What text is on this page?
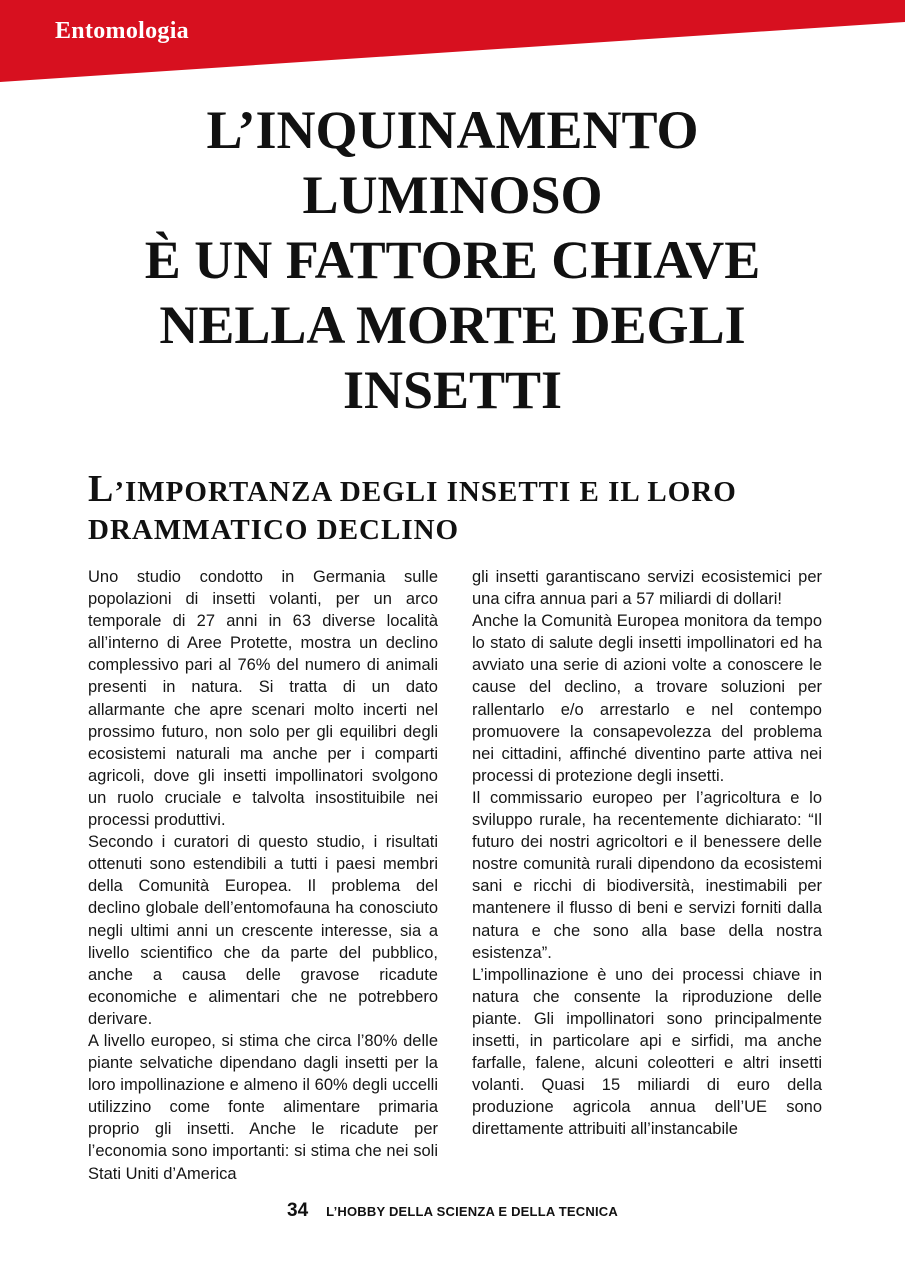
Entomologia
L’INQUINAMENTO
LUMINOSO
È UN FATTORE CHIAVE
NELLA MORTE DEGLI
INSETTI
L’IMPORTANZA DEGLI INSETTI E IL LORO
DRAMMATICO DECLINO

Uno studio condotto in Germania sulle popolazioni di insetti volanti, per un arco temporale di 27 anni in 63 diverse località all’interno di Aree Protette, mostra un declino complessivo pari al 76% del numero di animali presenti in natura. Si tratta di un dato allarmante che apre scenari molto incerti nel prossimo futuro, non solo per gli equilibri degli ecosistemi naturali ma anche per i comparti agricoli, dove gli insetti impollinatori svolgono un ruolo cruciale e talvolta insostituibile nei processi produttivi.

Secondo i curatori di questo studio, i risultati ottenuti sono estendibili a tutti i paesi membri della Comunità Europea. Il problema del declino globale dell’entomofauna ha conosciuto negli ultimi anni un crescente interesse, sia a livello scientifico che da parte del pubblico, anche a causa delle gravose ricadute economiche e alimentari che ne potrebbero derivare.

A livello europeo, si stima che circa l’80% delle piante selvatiche dipendano dagli insetti per la loro impollinazione e almeno il 60% degli uccelli utilizzino come fonte alimentare primaria proprio gli insetti. Anche le ricadute per l’economia sono importanti: si stima che nei soli Stati Uniti d’America

gli insetti garantiscano servizi ecosistemici per una cifra annua pari a 57 miliardi di dollari!

Anche la Comunità Europea monitora da tempo lo stato di salute degli insetti impollinatori ed ha avviato una serie di azioni volte a conoscere le cause del declino, a trovare soluzioni per rallentarlo e/o arrestarlo e nel contempo promuovere la consapevolezza del problema nei cittadini, affinché diventino parte attiva nei processi di protezione degli insetti.

Il commissario europeo per l’agricoltura e lo sviluppo rurale, ha recentemente dichiarato: “Il futuro dei nostri agricoltori e il benessere delle nostre comunità rurali dipendono da ecosistemi sani e ricchi di biodiversità, inestimabili per mantenere il flusso di beni e servizi forniti dalla natura e che sono alla base della nostra esistenza”.

L’impollinazione è uno dei processi chiave in natura che consente la riproduzione delle piante. Gli impollinatori sono principalmente insetti, in particolare api e sirfidi, ma anche farfalle, falene, alcuni coleotteri e altri insetti volanti. Quasi 15 miliardi di euro della produzione agricola annua dell’UE sono direttamente attribuiti all’instancabile

34 L’HOBBY DELLA SCIENZA E DELLA TECNICA
